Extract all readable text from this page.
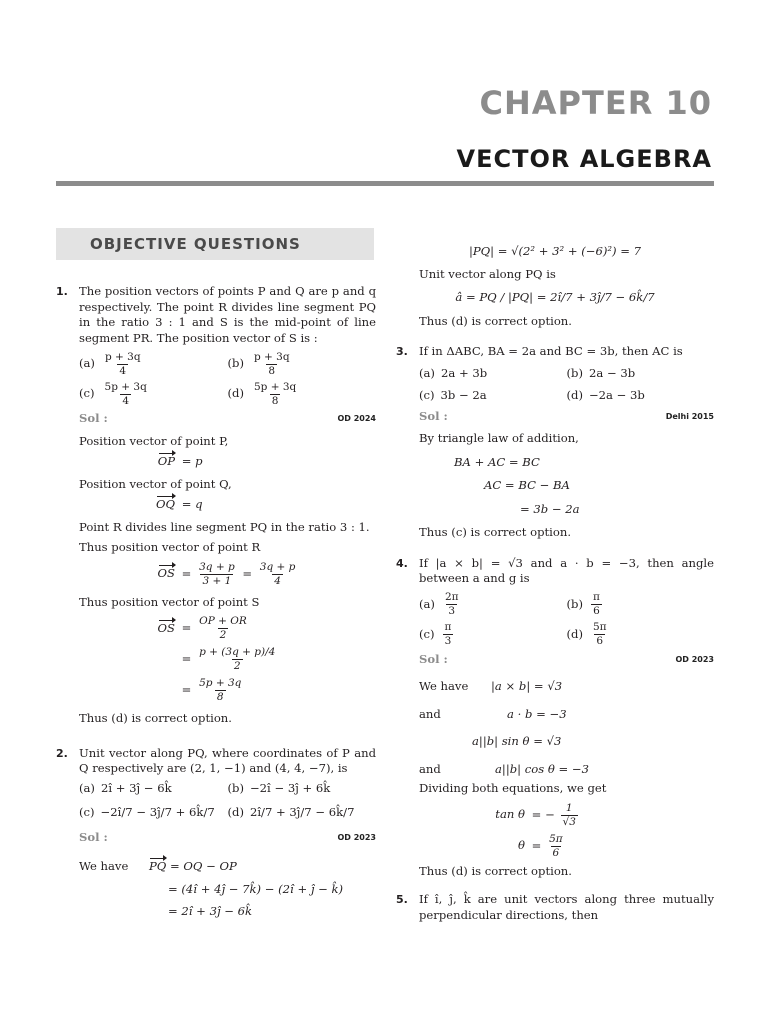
CHAPTER 10
VECTOR ALGEBRA
OBJECTIVE QUESTIONS
1. The position vectors of points P and Q are p and q respectively. The point R divides line segment PQ in the ratio 3 : 1 and S is the mid-point of line segment PR. The position vector of S is :
$(a) \frac{p + 3q}{4}$	$(b) \frac{p + 3q}{8}$
$(c) \frac{5p + 3q}{4}$	$(d) \frac{5p + 3q}{8}$
Sol :	OD 2024
Position vector of point P,
OP = p
Position vector of point Q,
OQ = q
Point R divides line segment PQ in the ratio 3 : 1.
Thus position vector of point R
OS = $\frac{3q + p}{3 + 1} = \frac{3q + p}{4}$
Thus position vector of point S
OS = $\frac{OP + OR}{2}$
= $\frac{p + (3q + p)/4}{2}$
= $\frac{5p + 3q}{8}$
Thus (d) is correct option.
2. Unit vector along PQ, where coordinates of P and Q respectively are (2, 1, −1) and (4, 4, −7), is
(a) 2î + 3ĵ − 6k̂	(b) −2î − 3ĵ + 6k̂
(c) −2î/7 − 3ĵ/7 + 6k̂/7 (d) 2î/7 + 3ĵ/7 − 6k̂/7
Sol :	OD 2023
We have	PQ
= OQ − OP
= (4î + 4ĵ − 7k̂) − (2î + ĵ − k̂)
= 2î + 3ĵ − 6k̂
|PQ| = √(2² + 3² + (−6)²) = 7
Unit vector along PQ is
â = PQ / |PQ| = 2î/7 + 3ĵ/7 − 6k̂/7
Thus (d) is correct option.
3. If in ΔABC, BA = 2a and BC = 3b, then AC is
(a) 2a + 3b	(b) 2a − 3b
(c) 3b − 2a	(d) −2a − 3b
Sol :	Delhi 2015
By triangle law of addition,
BA + AC = BC
AC = BC − BA
= 3b − 2a
Thus (c) is correct option.
4. If |a × b| = √3 and a · b = −3, then angle between a and g is
$(a) \frac{2\pi}{3}$	$(b) \frac{\pi}{6}$
$(c) \frac{\pi}{3}$	$(d) \frac{5\pi}{6}$
Sol :	OD 2023
We have	|a × b| = √3
and	a · b = −3
a||b| sin θ = √3
and	a||b| cos θ = −3
Dividing both equations, we get
tan θ = − $\frac{1}{√3}$
$\theta = \frac{5\pi}{6}$
Thus (d) is correct option.
5. If î, ĵ, k̂ are unit vectors along three mutually perpendicular directions, then
